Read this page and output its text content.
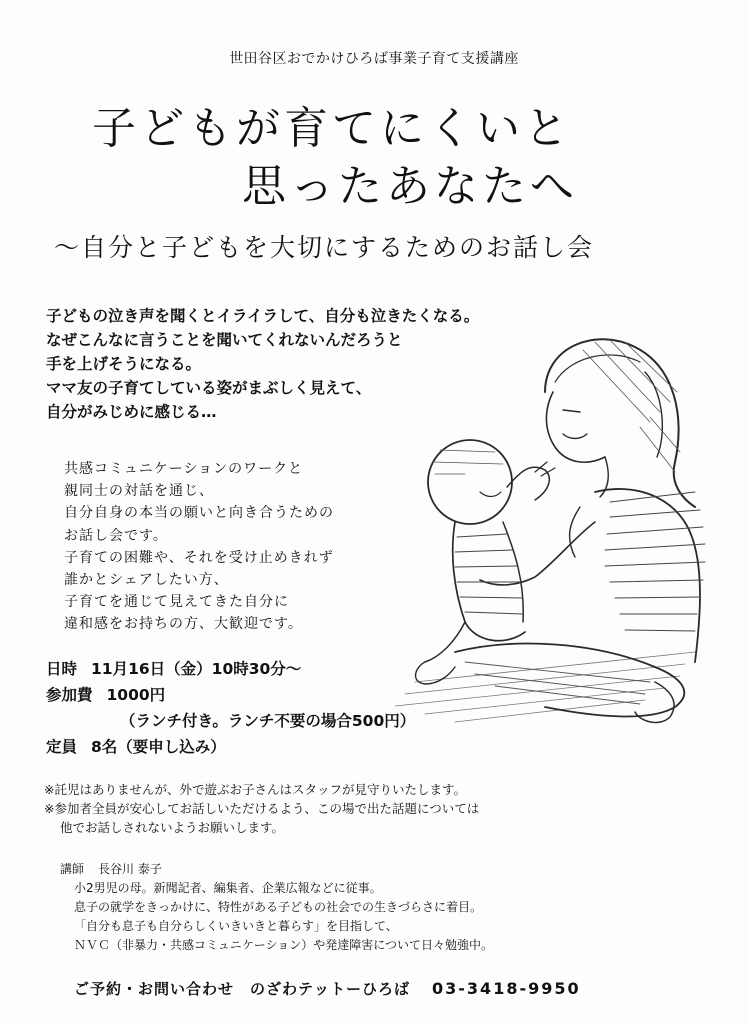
世田谷区おでかけひろば事業子育て支援講座
子どもが育てにくいと
思ったあなたへ
～自分と子どもを大切にするためのお話し会
子どもの泣き声を聞くとイライラして、自分も泣きたくなる。
なぜこんなに言うことを聞いてくれないんだろうと
手を上げそうになる。
ママ友の子育てしている姿がまぶしく見えて、
自分がみじめに感じる…
共感コミュニケーションのワークと
親同士の対話を通じ、
自分自身の本当の願いと向き合うための
お話し会です。
子育ての困難や、それを受け止めきれず
誰かとシェアしたい方、
子育てを通じて見えてきた自分に
違和感をお持ちの方、大歓迎です。
日時 11月16日（金）10時30分～
参加費 1000円
（ランチ付き。ランチ不要の場合500円）
定員 8名（要申し込み）
※託児はありませんが、外で遊ぶお子さんはスタッフが見守りいたします。
※参加者全員が安心してお話しいただけるよう、この場で出た話題については
他でお話しされないようお願いします。
講師 長谷川 泰子
小2男児の母。新聞記者、編集者、企業広報などに従事。
息子の就学をきっかけに、特性がある子どもの社会での生きづらさに着目。
「自分も息子も自分らしくいきいきと暮らす」を目指して、
ＮＶＣ（非暴力・共感コミュニケーション）や発達障害について日々勉強中。
ご予約・お問い合わせ　のざわテットーひろば 03-3418-9950
